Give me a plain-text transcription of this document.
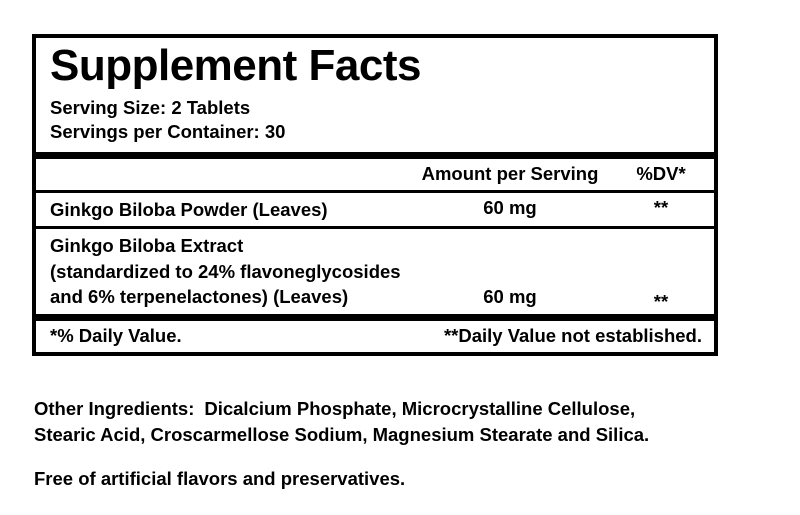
Supplement Facts
Serving Size: 2 Tablets
Servings per Container: 30
	Amount per Serving	%DV*
Ginkgo Biloba Powder (Leaves)	60 mg	**
Ginkgo Biloba Extract
(standardized to 24% flavoneglycosides
and 6% terpenelactones) (Leaves)	60 mg	**
*% Daily Value.	**Daily Value not established.
Other Ingredients: Dicalcium Phosphate, Microcrystalline Cellulose,
Stearic Acid, Croscarmellose Sodium, Magnesium Stearate and Silica.
Free of artificial flavors and preservatives.
